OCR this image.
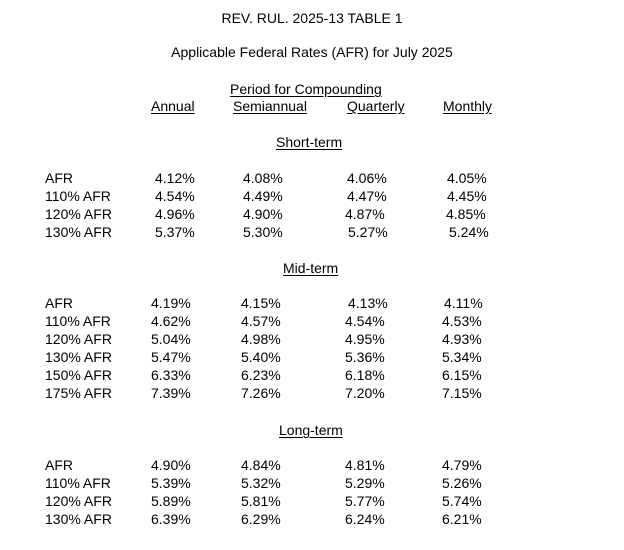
REV. RUL. 2025-13 TABLE 1
Applicable Federal Rates (AFR) for July 2025
Period for Compounding
Annual	Semiannual	Quarterly	Monthly
Short-term
AFR	4.12%	4.08%	4.06%	4.05%
110% AFR	4.54%	4.49%	4.47%	4.45%
120% AFR	4.96%	4.90%	4.87%	4.85%
130% AFR	5.37%	5.30%	5.27%	5.24%
Mid-term
AFR	4.19%	4.15%	4.13%	4.11%
110% AFR	4.62%	4.57%	4.54%	4.53%
120% AFR	5.04%	4.98%	4.95%	4.93%
130% AFR	5.47%	5.40%	5.36%	5.34%
150% AFR	6.33%	6.23%	6.18%	6.15%
175% AFR	7.39%	7.26%	7.20%	7.15%
Long-term
AFR	4.90%	4.84%	4.81%	4.79%
110% AFR	5.39%	5.32%	5.29%	5.26%
120% AFR	5.89%	5.81%	5.77%	5.74%
130% AFR	6.39%	6.29%	6.24%	6.21%
